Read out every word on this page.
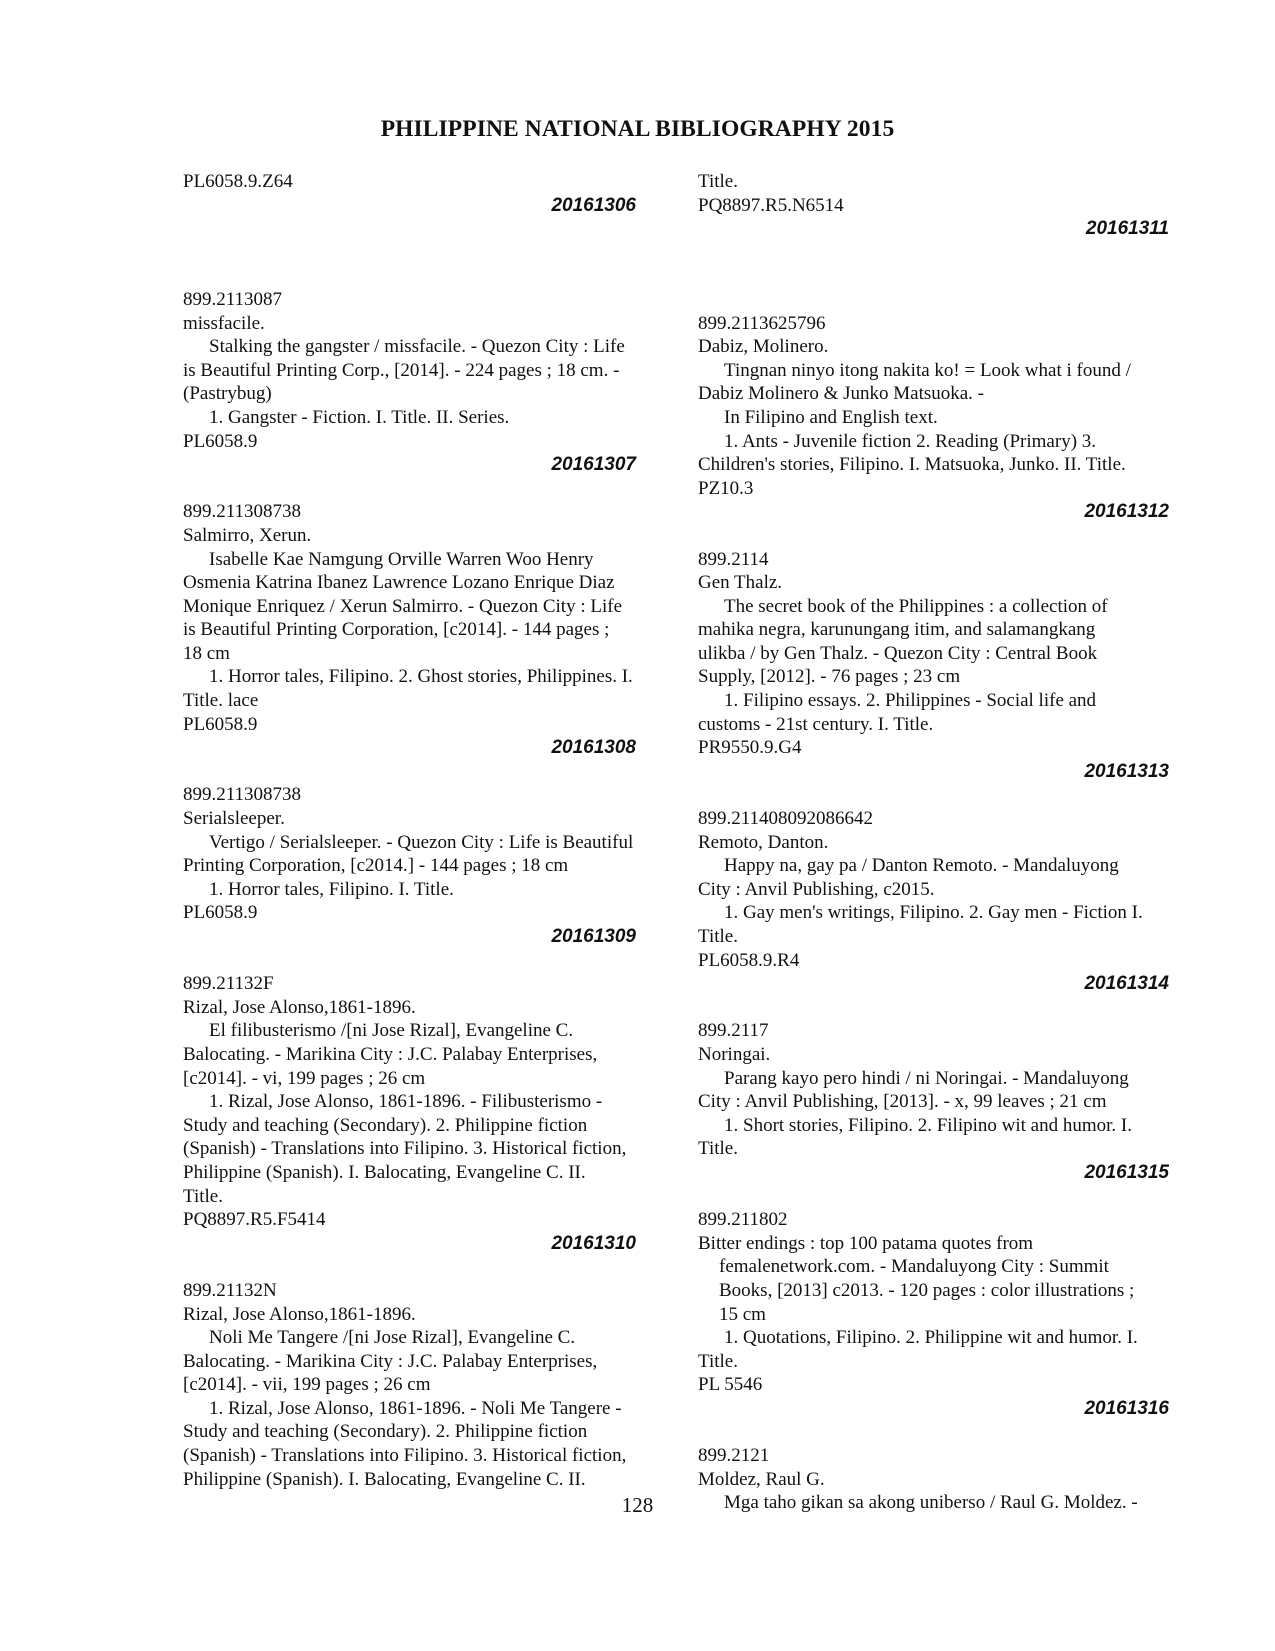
PHILIPPINE NATIONAL BIBLIOGRAPHY 2015
PL6058.9.Z64
20161306
899.2113087
missfacile.
Stalking the gangster / missfacile. - Quezon City : Life
is Beautiful Printing Corp., [2014]. - 224 pages ; 18 cm. -
(Pastrybug)
1. Gangster - Fiction. I. Title. II. Series.
PL6058.9
20161307
899.211308738
Salmirro, Xerun.
Isabelle Kae Namgung Orville Warren Woo Henry
Osmenia Katrina Ibanez Lawrence Lozano Enrique Diaz
Monique Enriquez / Xerun Salmirro. - Quezon City : Life
is Beautiful Printing Corporation, [c2014]. - 144 pages ;
18 cm
1. Horror tales, Filipino. 2. Ghost stories, Philippines. I.
Title. lace
PL6058.9
20161308
899.211308738
Serialsleeper.
Vertigo / Serialsleeper. - Quezon City : Life is Beautiful
Printing Corporation, [c2014.] - 144 pages ; 18 cm
1. Horror tales, Filipino. I. Title.
PL6058.9
20161309
899.21132F
Rizal, Jose Alonso,1861-1896.
El filibusterismo /[ni Jose Rizal], Evangeline C.
Balocating. - Marikina City : J.C. Palabay Enterprises,
[c2014]. - vi, 199 pages ; 26 cm
1. Rizal, Jose Alonso, 1861-1896. - Filibusterismo -
Study and teaching (Secondary). 2. Philippine fiction
(Spanish) - Translations into Filipino. 3. Historical fiction,
Philippine (Spanish). I. Balocating, Evangeline C. II.
Title.
PQ8897.R5.F5414
20161310
899.21132N
Rizal, Jose Alonso,1861-1896.
Noli Me Tangere /[ni Jose Rizal], Evangeline C.
Balocating. - Marikina City : J.C. Palabay Enterprises,
[c2014]. - vii, 199 pages ; 26 cm
1. Rizal, Jose Alonso, 1861-1896. - Noli Me Tangere -
Study and teaching (Secondary). 2. Philippine fiction
(Spanish) - Translations into Filipino. 3. Historical fiction,
Philippine (Spanish). I. Balocating, Evangeline C. II.
Title.
PQ8897.R5.N6514
20161311
899.2113625796
Dabiz, Molinero.
Tingnan ninyo itong nakita ko! = Look what i found /
Dabiz Molinero & Junko Matsuoka. -
In Filipino and English text.
1. Ants - Juvenile fiction 2. Reading (Primary) 3.
Children's stories, Filipino. I. Matsuoka, Junko. II. Title.
PZ10.3
20161312
899.2114
Gen Thalz.
The secret book of the Philippines : a collection of
mahika negra, karunungang itim, and salamangkang
ulikba / by Gen Thalz. - Quezon City : Central Book
Supply, [2012]. - 76 pages ; 23 cm
1. Filipino essays. 2. Philippines - Social life and
customs - 21st century. I. Title.
PR9550.9.G4
20161313
899.211408092086642
Remoto, Danton.
Happy na, gay pa / Danton Remoto. - Mandaluyong
City : Anvil Publishing, c2015.
1. Gay men's writings, Filipino. 2. Gay men - Fiction I.
Title.
PL6058.9.R4
20161314
899.2117
Noringai.
Parang kayo pero hindi / ni Noringai. - Mandaluyong
City : Anvil Publishing, [2013]. - x, 99 leaves ; 21 cm
1. Short stories, Filipino. 2. Filipino wit and humor. I.
Title.
20161315
899.211802
Bitter endings : top 100 patama quotes from
femalenetwork.com. - Mandaluyong City : Summit
Books, [2013] c2013. - 120 pages : color illustrations ;
15 cm
1. Quotations, Filipino. 2. Philippine wit and humor. I.
Title.
PL 5546
20161316
899.2121
Moldez, Raul G.
Mga taho gikan sa akong uniberso / Raul G. Moldez. -
128
